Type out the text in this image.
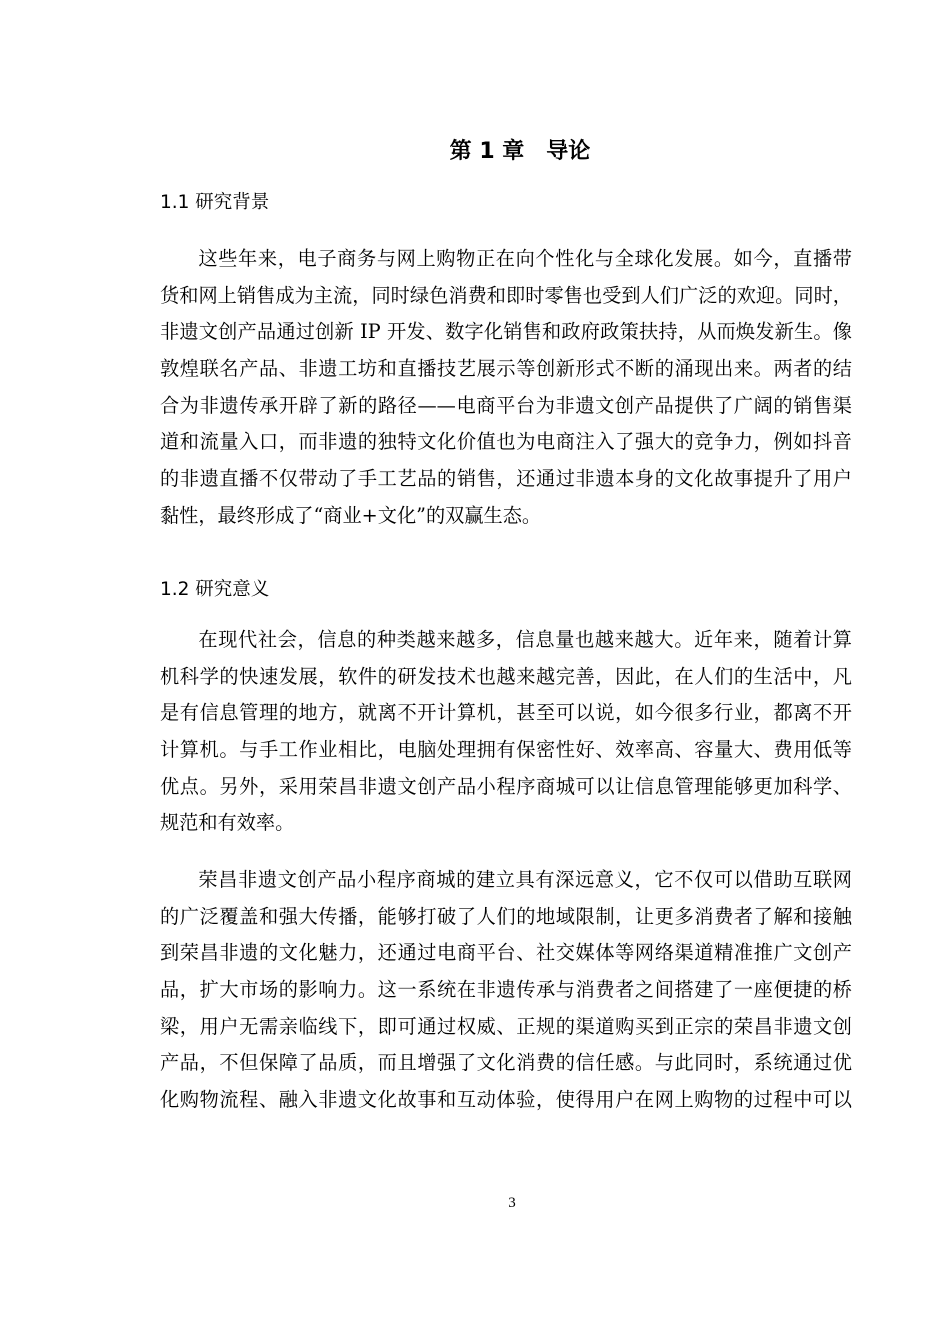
第 1 章　导论
1.1 研究背景
这些年来，电子商务与网上购物正在向个性化与全球化发展。如今，直播带
货和网上销售成为主流，同时绿色消费和即时零售也受到人们广泛的欢迎。同时，
非遗文创产品通过创新 IP 开发、数字化销售和政府政策扶持，从而焕发新生。像
敦煌联名产品、非遗工坊和直播技艺展示等创新形式不断的涌现出来。两者的结
合为非遗传承开辟了新的路径——电商平台为非遗文创产品提供了广阔的销售渠
道和流量入口，而非遗的独特文化价值也为电商注入了强大的竞争力，例如抖音
的非遗直播不仅带动了手工艺品的销售，还通过非遗本身的文化故事提升了用户
黏性，最终形成了“商业+文化”的双赢生态。
1.2 研究意义
在现代社会，信息的种类越来越多，信息量也越来越大。近年来，随着计算
机科学的快速发展，软件的研发技术也越来越完善，因此，在人们的生活中，凡
是有信息管理的地方，就离不开计算机，甚至可以说，如今很多行业，都离不开
计算机。与手工作业相比，电脑处理拥有保密性好、效率高、容量大、费用低等
优点。另外，采用荣昌非遗文创产品小程序商城可以让信息管理能够更加科学、
规范和有效率。
荣昌非遗文创产品小程序商城的建立具有深远意义，它不仅可以借助互联网
的广泛覆盖和强大传播，能够打破了人们的地域限制，让更多消费者了解和接触
到荣昌非遗的文化魅力，还通过电商平台、社交媒体等网络渠道精准推广文创产
品，扩大市场的影响力。这一系统在非遗传承与消费者之间搭建了一座便捷的桥
梁，用户无需亲临线下，即可通过权威、正规的渠道购买到正宗的荣昌非遗文创
产品，不但保障了品质，而且增强了文化消费的信任感。与此同时，系统通过优
化购物流程、融入非遗文化故事和互动体验，使得用户在网上购物的过程中可以
3
